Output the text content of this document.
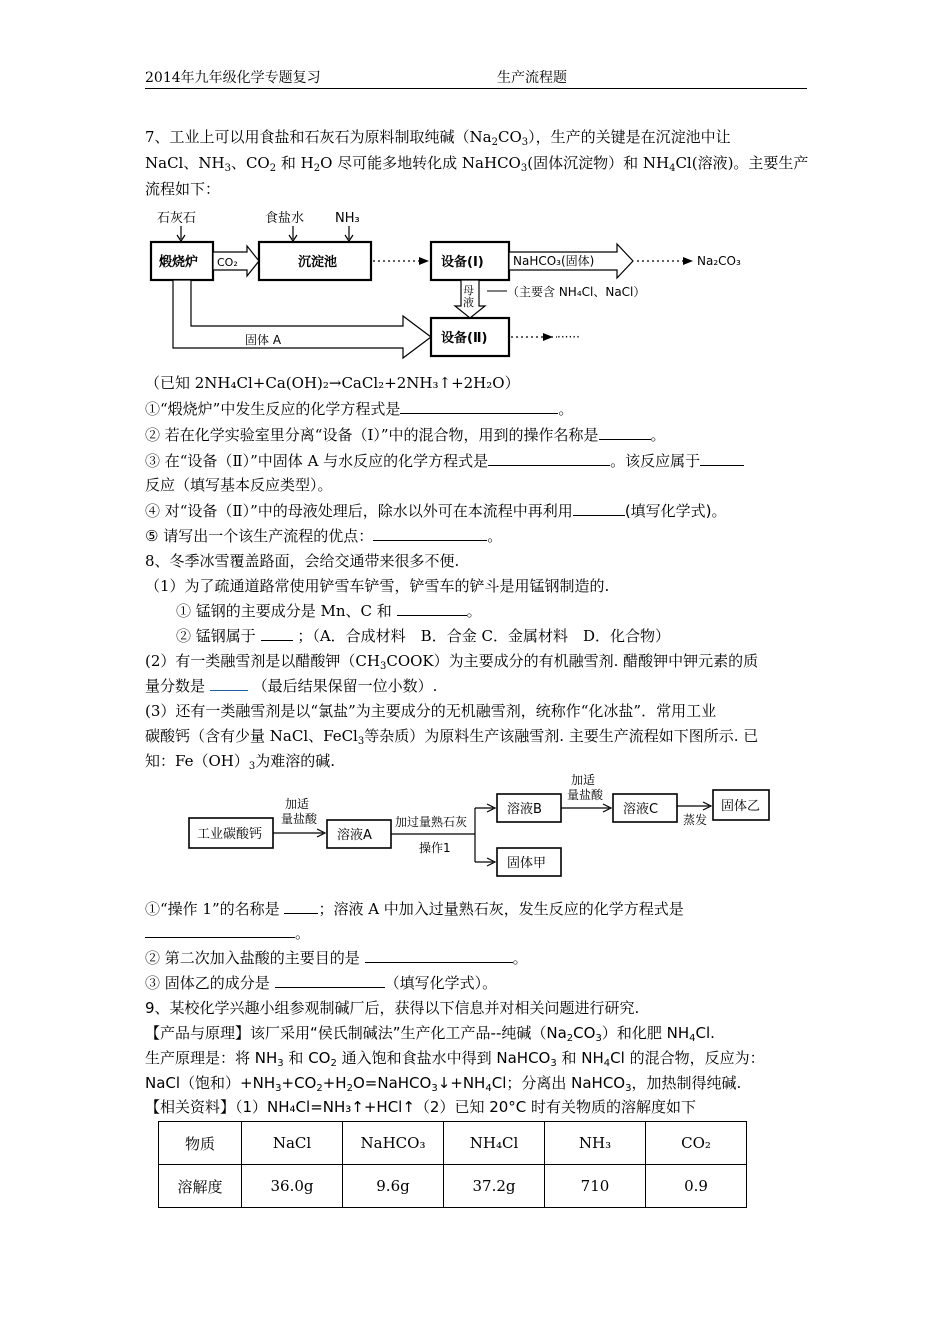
2014年九年级化学专题复习	生产流程题
7、工业上可以用食盐和石灰石为原料制取纯碱$(Na_2CO_3)$，生产的关键是在沉淀池中让
NaCl、$NH_3$、$CO_2$ 和 $H_2O$ 尽可能多地转化成 NaHCO$_3$(固体沉淀物）和 $NH_4Cl$(溶液)。主要生产
流程如下：
石灰石	食盐水 NH₃
煅烧炉	沉淀池	设备(Ⅰ)
设备(Ⅱ)
CO₂	NaHCO₃(固体)	Na₂CO₃
母
液
（主要含 NH₄Cl、NaCl）
固体 A	······
（已知 2NH₄Cl+Ca(OH)₂→CaCl₂+2NH₃↑+2H₂O）
①“煅烧炉”中发生反应的化学方程式是	。
② 若在化学实验室里分离“设备（I）”中的混合物，用到的操作名称是	。
③ 在“设备（Ⅱ）”中固体 A 与水反应的化学方程式是	。该反应属于
反应（填写基本反应类型）。
④ 对“设备（Ⅱ）”中的母液处理后，除水以外可在本流程中再利用	(填写化学式)。
⑤ 请写出一个该生产流程的优点：	。
8、冬季冰雪覆盖路面，会给交通带来很多不便.
（1）为了疏通道路常使用铲雪车铲雪，铲雪车的铲斗是用锰钢制造的.
① 锰钢的主要成分是 Mn、C 和	。
② 锰钢属于	；（A．合成材料　B．合金 C．金属材料　D．化合物）
(2）有一类融雪剂是以醋酸钾$(CH_3COOK)$为主要成分的有机融雪剂. 醋酸钾中钾元素的质
量分数是	（最后结果保留一位小数）.
(3）还有一类融雪剂是以“氯盐”为主要成分的无机融雪剂，统称作“化冰盐”．常用工业
碳酸钙（含有少量 NaCl、FeCl$_3$等杂质）为原料生产该融雪剂. 主要生产流程如下图所示. 已
知：$Fe(OH)_3$为难溶的碱.
加适
量盐酸	加过量熟石灰
操作1
加适
量盐酸
蒸发
工业碳酸钙	溶液A
溶液B	溶液C	固体乙
固体甲
①“操作 1”的名称是	；溶液 A 中加入过量熟石灰，发生反应的化学方程式是
。
② 第二次加入盐酸的主要目的是	。
③ 固体乙的成分是	（填写化学式）。
9、某校化学兴趣小组参观制碱厂后，获得以下信息并对相关问题进行研究.
【产品与原理】该厂采用“侯氏制碱法”生产化工产品--纯碱$(Na_2CO_3)$和化肥 $NH_4Cl$.
生产原理是：将 $NH_3$ 和 $CO_2$ 通入饱和食盐水中得到 NaHCO$_3$ 和 $NH_4Cl$ 的混合物，反应为：
NaCl（饱和）$+NH_3+CO_2+H_2O=NaHCO_3↓+NH_4Cl$；分离出 NaHCO$_3$，加热制得纯碱.
【相关资料】（1）NH₄Cl=NH₃↑+HCl↑（2）已知 20°C 时有关物质的溶解度如下
物质	NaCl	NaHCO₃	NH₄Cl	NH₃	CO₂
溶解度	36.0g	9.6g	37.2g	710	0.9
